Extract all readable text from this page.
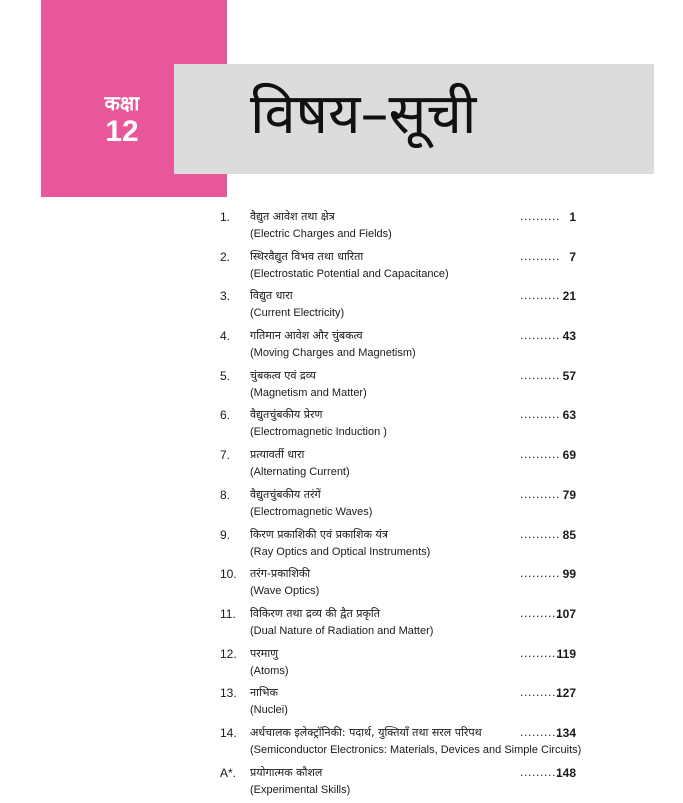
कक्षा
12 विषय–सूची
1.	वैद्युत आवेश तथा क्षेत्र
(Electric Charges and Fields)
.......... 1
2.	स्थिरवैद्युत विभव तथा धारिता
(Electrostatic Potential and Capacitance)
.......... 7
3.	विद्युत धारा
(Current Electricity)
.......... 21
4.	गतिमान आवेश और चुंबकत्व
(Moving Charges and Magnetism)
.......... 43
5.	चुंबकत्व एवं द्रव्य
(Magnetism and Matter)
.......... 57
6.	वैद्युतचुंबकीय प्रेरण
(Electromagnetic Induction )
.......... 63
7.	प्रत्यावर्ती धारा
(Alternating Current)
.......... 69
8.	वैद्युतचुंबकीय तरंगें
(Electromagnetic Waves)
.......... 79
9.	किरण प्रकाशिकी एवं प्रकाशिक यंत्र
(Ray Optics and Optical Instruments)
.......... 85
10.	तरंग-प्रकाशिकी
(Wave Optics)
.......... 99
11.	विकिरण तथा द्रव्य की द्वैत प्रकृति
(Dual Nature of Radiation and Matter)
..........
107
12.	परमाणु
(Atoms)
..........
119
13.	नाभिक
(Nuclei)
..........
127
14.	अर्धचालक इलेक्ट्रॉनिकी: पदार्थ, युक्तियाँ तथा सरल परिपथ
(Semiconductor Electronics: Materials, Devices and Simple Circuits)
..........
134
A*.	प्रयोगात्मक कौशल
(Experimental Skills)
..........
148
